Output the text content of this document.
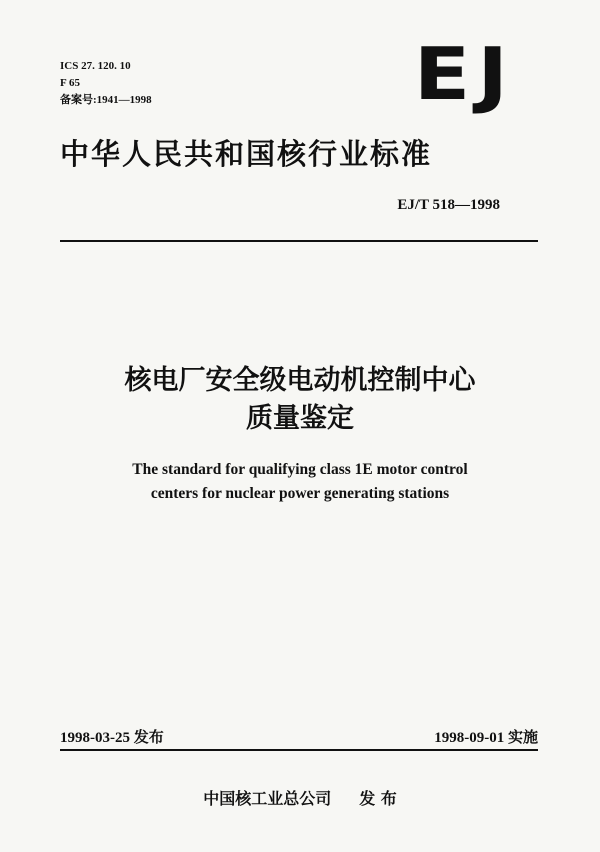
ICS 27. 120. 10
F 65
备案号:1941—1998	EJ
中华人民共和国核行业标准
EJ/T 518—1998
核电厂安全级电动机控制中心
质量鉴定
The standard for qualifying class 1E motor control
centers for nuclear power generating stations
1998-03-25 发布	1998-09-01 实施
中国核工业总公司 发 布
